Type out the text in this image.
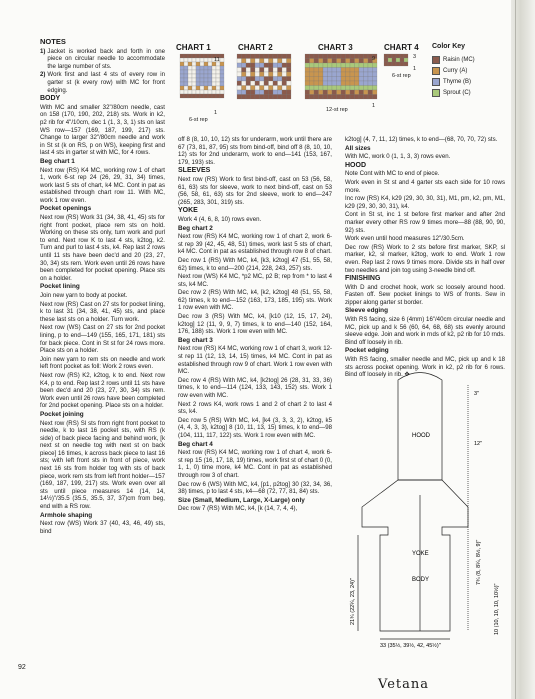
CHART 1	CHART 2	CHART 3	CHART 4
6-st rep
11
1	12-st rep
9
1
6-st rep
3
1
Color Key
Raisin (MC)
Curry (A)
Thyme (B)
Sprout (C)
NOTES
1) Jacket is worked back and forth in one piece on circular needle to accommodate the large number of sts.

2) Work first and last 4 sts of every row in garter st (k every row) with MC for front edging.

BODY

With MC and smaller 32"/80cm needle, cast on 158 (170, 190, 202, 218) sts. Work in k2, p2 rib for 4"/10cm, dec 1 (1, 3, 3, 1) sts on last WS row—157 (169, 187, 199, 217) sts. Change to larger 32"/80cm needle and work in St st (k on RS, p on WS), keeping first and last 4 sts in garter st with MC, for 4 rows.

Beg chart 1

Next row (RS) K4 MC, working row 1 of chart 1, work 6-st rep 24 (26, 29, 31, 34) times, work last 5 sts of chart, k4 MC. Cont in pat as established through chart row 11. With MC, work 1 row even.

Pocket openings

Next row (RS) Work 31 (34, 38, 41, 45) sts for right front pocket, place rem sts on hold. Working on these sts only, turn work and purl to end. Next row K to last 4 sts, k2tog, k2. Turn and purl to last 4 sts, k4. Rep last 2 rows until 11 sts have been dec'd and 20 (23, 27, 30, 34) sts rem. Work even until 26 rows have been completed for pocket opening. Place sts on a holder.

Pocket lining

Join new yarn to body at pocket.

Next row (RS) Cast on 27 sts for pocket lining, k to last 31 (34, 38, 41, 45) sts, and place these last sts on a holder. Turn work.

Next row (WS) Cast on 27 sts for 2nd pocket lining, p to end—149 (155, 165, 171, 181) sts for back piece. Cont in St st for 24 rows more. Place sts on a holder.

Join new yarn to rem sts on needle and work left front pocket as foll: Work 2 rows even.

Next row (RS) K2, k2tog, k to end. Next row K4, p to end. Rep last 2 rows until 11 sts have been dec'd and 20 (23, 27, 30, 34) sts rem. Work even until 26 rows have been completed for 2nd pocket opening. Place sts on a holder.

Pocket joining

Next row (RS) Sl sts from right front pocket to needle, k to last 16 pocket sts, with RS (k side) of back piece facing and behind work, [k next st on needle tog with next st on back piece] 16 times, k across back piece to last 16 sts; with left front sts in front of piece, work next 16 sts from holder tog with sts of back piece, work rem sts from left front holder—157 (169, 187, 199, 217) sts. Work even over all sts until piece measures 14 (14, 14, 14½)"/35.5 (35.5, 35.5, 37, 37)cm from beg, end with a RS row.

Armhole shaping

Next row (WS) Work 37 (40, 43, 46, 49) sts, bind

off 8 (8, 10, 10, 12) sts for underarm, work until there are 67 (73, 81, 87, 95) sts from bind-off, bind off 8 (8, 10, 10, 12) sts for 2nd underarm, work to end—141 (153, 167, 179, 193) sts.

SLEEVES

Next row (RS) Work to first bind-off, cast on 53 (56, 58, 61, 63) sts for sleeve, work to next bind-off, cast on 53 (56, 58, 61, 63) sts for 2nd sleeve, work to end—247 (265, 283, 301, 319) sts.

YOKE

Work 4 (4, 6, 8, 10) rows even.

Beg chart 2

Next row (RS) K4 MC, working row 1 of chart 2, work 6-st rep 39 (42, 45, 48, 51) times, work last 5 sts of chart, k4 MC. Cont in pat as established through row 8 of chart.

Dec row 1 (RS) With MC, k4, [k3, k2tog] 47 (51, 55, 58, 62) times, k to end—200 (214, 228, 243, 257) sts.

Next row (WS) K4 MC, *p2 MC, p2 B; rep from * to last 4 sts, k4 MC.

Dec row 2 (RS) With MC, k4, [k2, k2tog] 48 (51, 55, 58, 62) times, k to end—152 (163, 173, 185, 195) sts. Work 1 row even with MC.

Dec row 3 (RS) With MC, k4, [k10 (12, 15, 17, 24), k2tog] 12 (11, 9, 9, 7) times, k to end—140 (152, 164, 176, 188) sts. Work 1 row even with MC.

Beg chart 3

Next row (RS) K4 MC, working row 1 of chart 3, work 12-st rep 11 (12, 13, 14, 15) times, k4 MC. Cont in pat as established through row 9 of chart. Work 1 row even with MC.

Dec row 4 (RS) With MC, k4, [k2tog] 26 (28, 31, 33, 36) times, k to end—114 (124, 133, 143, 152) sts. Work 1 row even with MC.

Next 2 rows K4, work rows 1 and 2 of chart 2 to last 4 sts, k4.

Dec row 5 (RS) With MC, k4, [k4 (3, 3, 3, 2), k2tog, k5 (4, 4, 3, 3), k2tog] 8 (10, 11, 13, 15) times, k to end—98 (104, 111, 117, 122) sts. Work 1 row even with MC.

Beg chart 4

Next row (RS) K4 MC, working row 1 of chart 4, work 6-st rep 15 (16, 17, 18, 19) times, work first st of chart 0 (0, 1, 1, 0) time more, k4 MC. Cont in pat as established through row 3 of chart.

Dec row 6 (WS) With MC, k4, [p1, p2tog] 30 (32, 34, 36, 38) times, p to last 4 sts, k4—68 (72, 77, 81, 84) sts.

Size (Small, Medium, Large, X-Large) only

Dec row 7 (RS) With MC, k4, [k (14, 7, 4, 4),

k2tog] (4, 7, 11, 12) times, k to end—(68, 70, 70, 72) sts.

All sizes

With MC, work 0 (1, 1, 3, 3) rows even.

HOOD

Note Cont with MC to end of piece.

Work even in St st and 4 garter sts each side for 10 rows more.

Inc row (RS) K4, k29 (29, 30, 30, 31), M1, pm, k2, pm, M1, k29 (29, 30, 30, 31), k4.

Cont in St st, inc 1 st before first marker and after 2nd marker every other RS row 9 times more—88 (88, 90, 90, 92) sts.

Work even until hood measures 12"/30.5cm.

Dec row (RS) Work to 2 sts before first marker, SKP, sl marker, k2, sl marker, k2tog, work to end. Work 1 row even. Rep last 2 rows 9 times more. Divide sts in half over two needles and join tog using 3-needle bind off.

FINISHING

With D and crochet hook, work sc loosely around hood. Fasten off. Sew pocket linings to WS of fronts. Sew in zipper along garter st border.

Sleeve edging

With RS facing, size 6 (4mm) 16"/40cm circular needle and MC, pick up and k 56 (60, 64, 68, 68) sts evenly around sleeve edge. Join and work in rnds of k2, p2 rib for 10 rnds. Bind off loosely in rib.

Pocket edging

With RS facing, smaller needle and MC, pick up and k 18 sts across pocket opening. Work in k2, p2 rib for 6 rows. Bind off loosely in rib. ✥

HOOD
YOKE
BODY
3"
12"
7¾ (8, 8¼, 8½, 9)"
10 (10, 10, 10, 10½)"
21¾ (22¼, 23, 24)"
33 (35½, 39½, 42, 45½)"
92
Vetana
